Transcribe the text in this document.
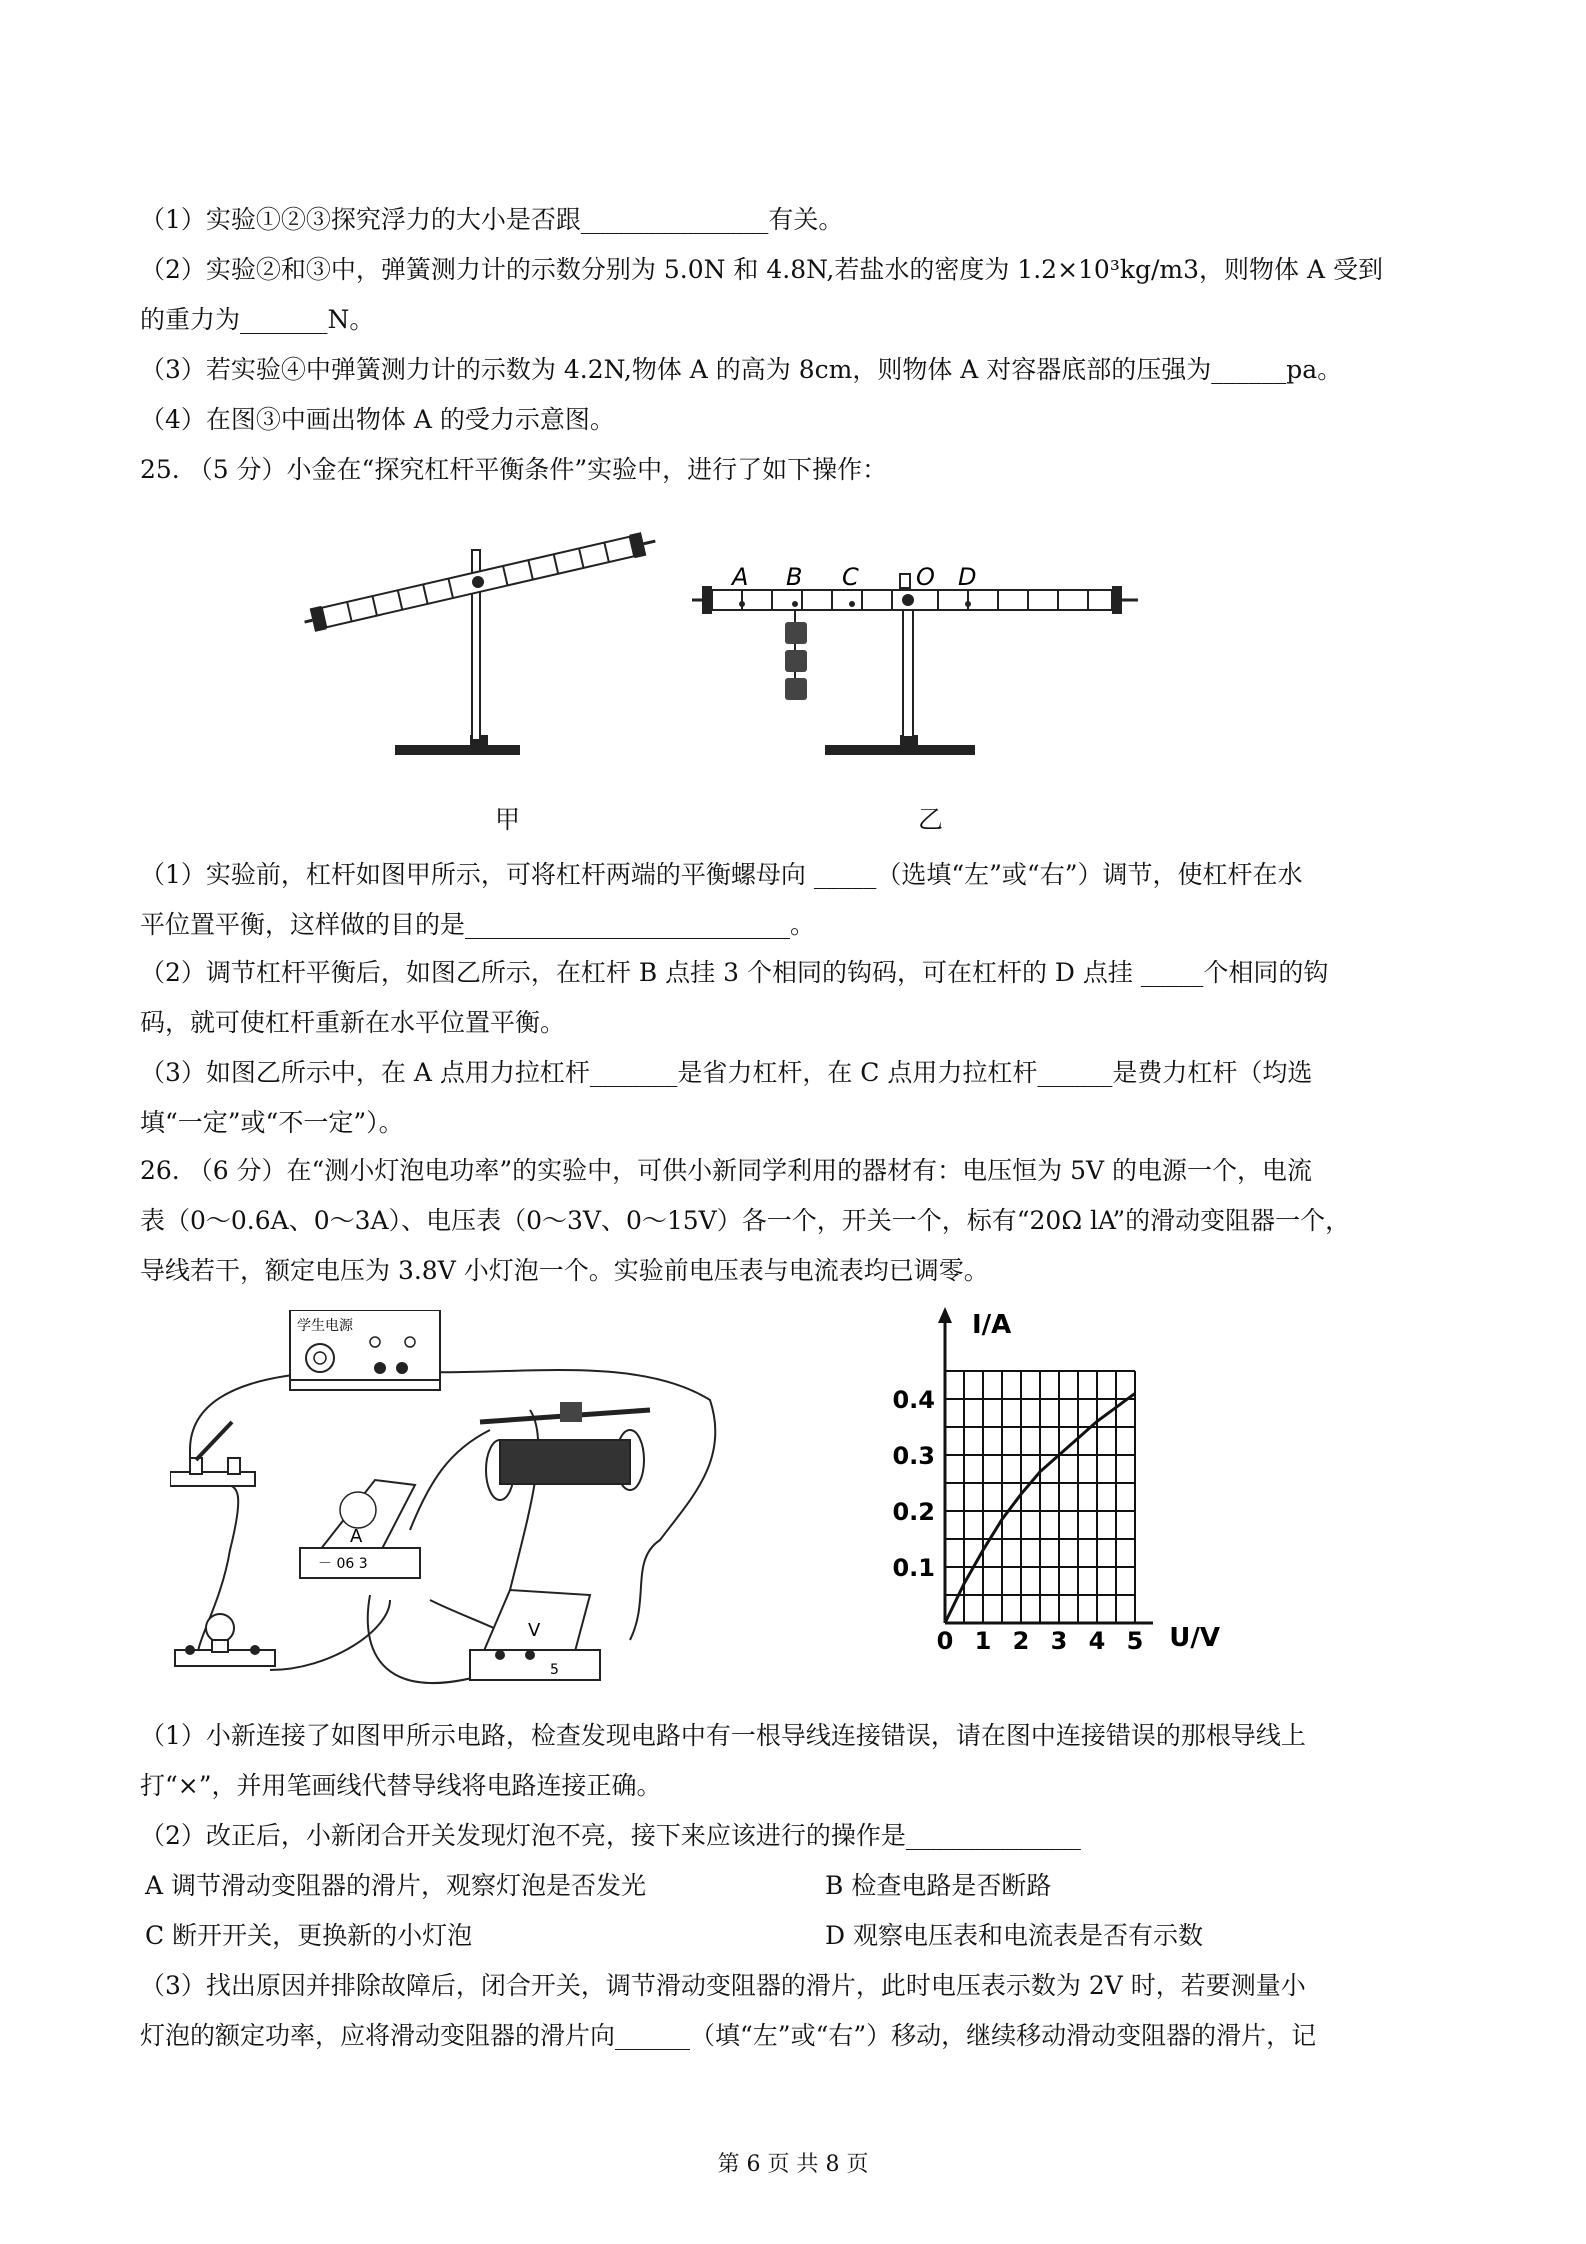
（1）实验①②③探究浮力的大小是否跟_______________有关。
（2）实验②和③中，弹簧测力计的示数分别为 5.0N 和 4.8N,若盐水的密度为 1.2×10³kg/m3，则物体 A 受到
的重力为_______N。
（3）若实验④中弹簧测力计的示数为 4.2N,物体 A 的高为 8cm，则物体 A 对容器底部的压强为______pa。
（4）在图③中画出物体 A 的受力示意图。
25. （5 分）小金在“探究杠杆平衡条件”实验中，进行了如下操作：
甲
A B C O D
乙
（1）实验前，杠杆如图甲所示，可将杠杆两端的平衡螺母向 _____（选填“左”或“右”）调节，使杠杆在水
平位置平衡，这样做的目的是__________________________。
（2）调节杠杆平衡后，如图乙所示，在杠杆 B 点挂 3 个相同的钩码，可在杠杆的 D 点挂 _____个相同的钩
码，就可使杠杆重新在水平位置平衡。
（3）如图乙所示中，在 A 点用力拉杠杆_______是省力杠杆，在 C 点用力拉杠杆______是费力杠杆（均选
填“一定”或“不一定”）。
26. （6 分）在“测小灯泡电功率”的实验中，可供小新同学利用的器材有：电压恒为 5V 的电源一个，电流
表（0～0.6A、0～3A）、电压表（0～3V、0～15V）各一个，开关一个，标有“20Ω lA”的滑动变阻器一个，
导线若干，额定电压为 3.8V 小灯泡一个。实验前电压表与电流表均已调零。
学生电源
A
－ 06 3
V
5
0 1 2 3 4 5
0.1
0.2
0.3
0.4
I/A
U/V
（1）小新连接了如图甲所示电路，检查发现电路中有一根导线连接错误，请在图中连接错误的那根导线上
打“×”，并用笔画线代替导线将电路连接正确。
（2）改正后，小新闭合开关发现灯泡不亮，接下来应该进行的操作是______________
A 调节滑动变阻器的滑片，观察灯泡是否发光	B 检查电路是否断路
C 断开开关，更换新的小灯泡	D 观察电压表和电流表是否有示数
（3）找出原因并排除故障后，闭合开关，调节滑动变阻器的滑片，此时电压表示数为 2V 时，若要测量小
灯泡的额定功率，应将滑动变阻器的滑片向______（填“左”或“右”）移动，继续移动滑动变阻器的滑片，记
第 6 页 共 8 页
